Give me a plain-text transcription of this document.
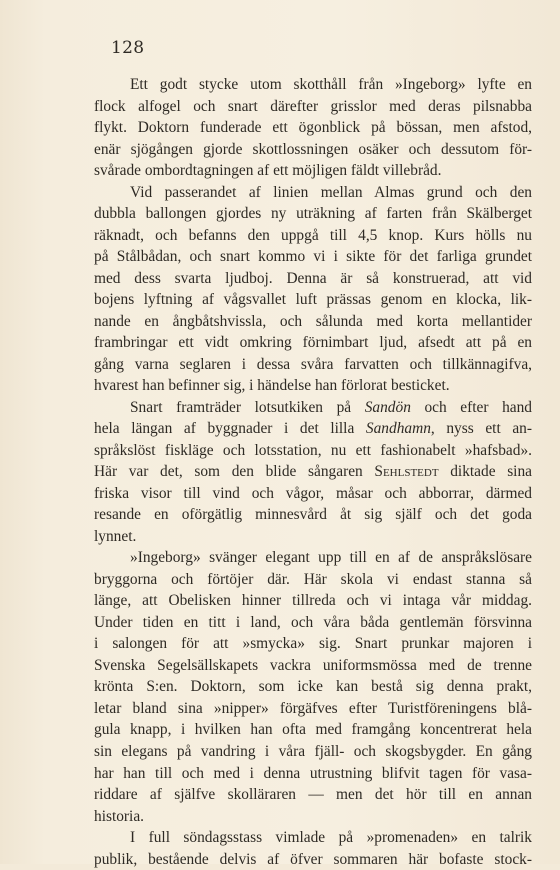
128
Ett godt stycke utom skotthåll från »Ingeborg» lyfte en
flock alfogel och snart därefter grisslor med deras pilsnabba
flykt. Doktorn funderade ett ögonblick på bössan, men afstod,
enär sjögången gjorde skottlossningen osäker och dessutom för-
svårade ombordtagningen af ett möjligen fäldt villebråd.
Vid passerandet af linien mellan Almas grund och den
dubbla ballongen gjordes ny uträkning af farten från Skälberget
räknadt, och befanns den uppgå till 4,5 knop. Kurs hölls nu
på Stålbådan, och snart kommo vi i sikte för det farliga grundet
med dess svarta ljudboj. Denna är så konstruerad, att vid
bojens lyftning af vågsvallet luft prässas genom en klocka, lik-
nande en ångbåtshvissla, och sålunda med korta mellantider
frambringar ett vidt omkring förnimbart ljud, afsedt att på en
gång varna seglaren i dessa svåra farvatten och tillkännagifva,
hvarest han befinner sig, i händelse han förlorat besticket.
Snart framträder lotsutkiken på Sandön och efter hand
hela längan af byggnader i det lilla Sandhamn, nyss ett an-
språkslöst fiskläge och lotsstation, nu ett fashionabelt »hafsbad».
Här var det, som den blide sångaren Sehlstedt diktade sina
friska visor till vind och vågor, måsar och abborrar, därmed
resande en oförgätlig minnesvård åt sig själf och det goda
lynnet.
»Ingeborg» svänger elegant upp till en af de anspråkslösare
bryggorna och förtöjer där. Här skola vi endast stanna så
länge, att Obelisken hinner tillreda och vi intaga vår middag.
Under tiden en titt i land, och våra båda gentlemän försvinna
i salongen för att »smycka» sig. Snart prunkar majoren i
Svenska Segelsällskapets vackra uniformsmössa med de trenne
krönta S:en. Doktorn, som icke kan bestå sig denna prakt,
letar bland sina »nipper» förgäfves efter Turistföreningens blå-
gula knapp, i hvilken han ofta med framgång koncentrerat hela
sin elegans på vandring i våra fjäll- och skogsbygder. En gång
har han till och med i denna utrustning blifvit tagen för vasa-
riddare af själfve skolläraren — men det hör till en annan
historia.
I full söndagsstass vimlade på »promenaden» en talrik
publik, bestående delvis af öfver sommaren här bofaste stock-
